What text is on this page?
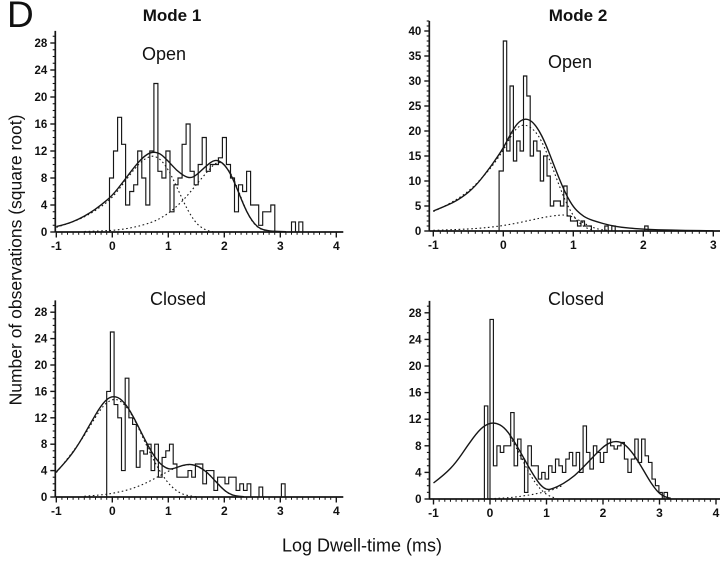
D	Mode 1	Mode 2
Open	Open
Closed	Closed
Number of observations (square root)
Log Dwell-time (ms)
0
4
8
12
16
20
24
28
-1	0	1	2	3	4
0
5
10
15
20
25
30
35
40
-1	0	1	2	3
0
4
8
12
16
20
24
28
-1	0	1	2	3	4
0
4
8
12
16
20
24
28
-1	0	1	2	3	4
